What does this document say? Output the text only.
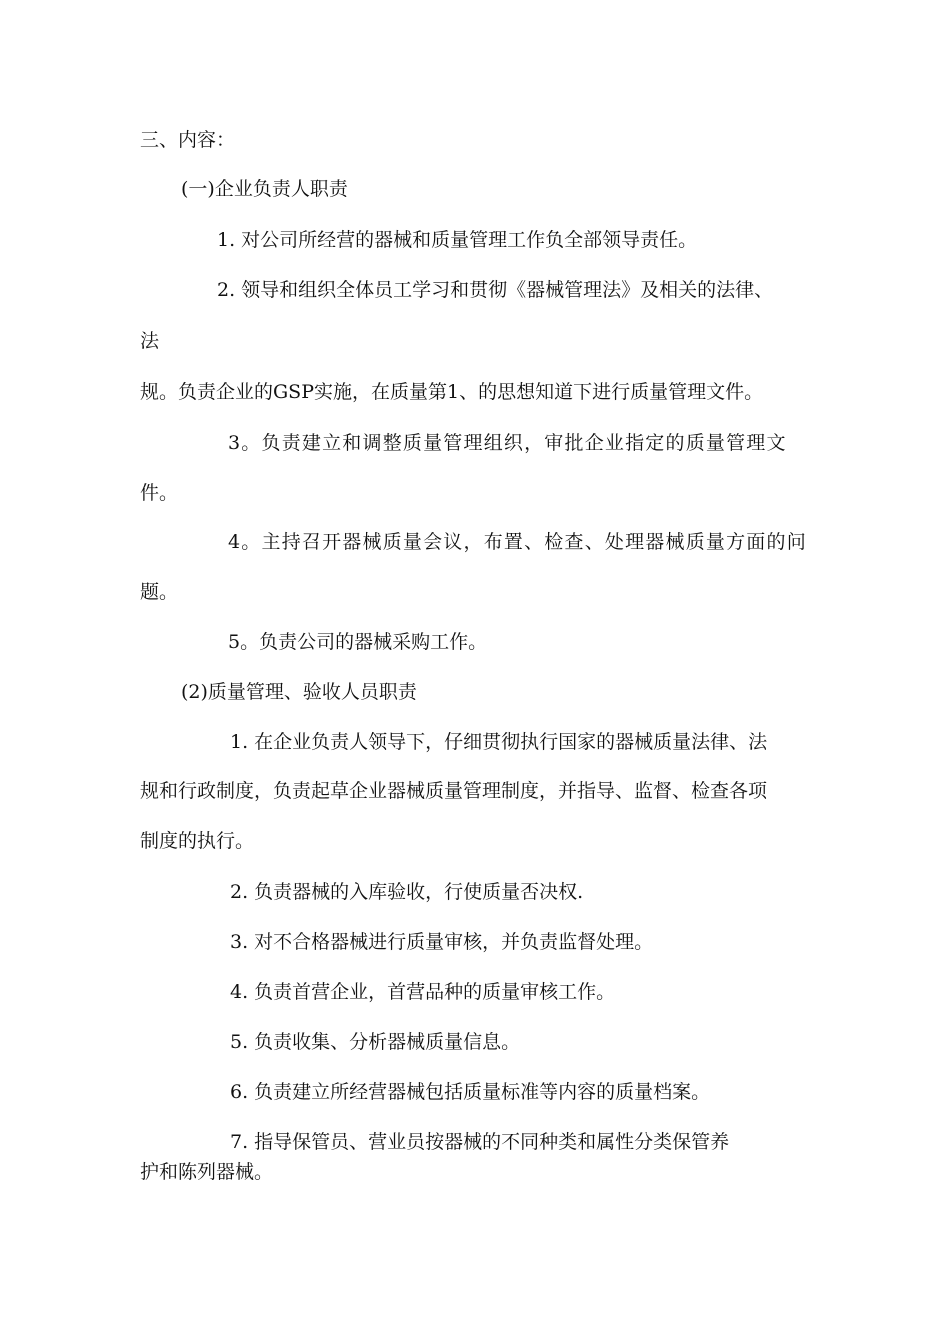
三、内容：
(一)企业负责人职责
1. 对公司所经营的器械和质量管理工作负全部领导责任。
2. 领导和组织全体员工学习和贯彻《器械管理法》及相关的法律、
法
规。负责企业的GSP实施，在质量第1、的思想知道下进行质量管理文件。
3。负责建立和调整质量管理组织，审批企业指定的质量管理文
件。
4。主持召开器械质量会议，布置、检查、处理器械质量方面的问
题。
5。负责公司的器械采购工作。
(2)质量管理、验收人员职责
1. 在企业负责人领导下，仔细贯彻执行国家的器械质量法律、法
规和行政制度，负责起草企业器械质量管理制度，并指导、监督、检查各项
制度的执行。
2. 负责器械的入库验收，行使质量否决权.
3. 对不合格器械进行质量审核，并负责监督处理。
4. 负责首营企业，首营品种的质量审核工作。
5. 负责收集、分析器械质量信息。
6. 负责建立所经营器械包括质量标准等内容的质量档案。
7. 指导保管员、营业员按器械的不同种类和属性分类保管养
护和陈列器械。
